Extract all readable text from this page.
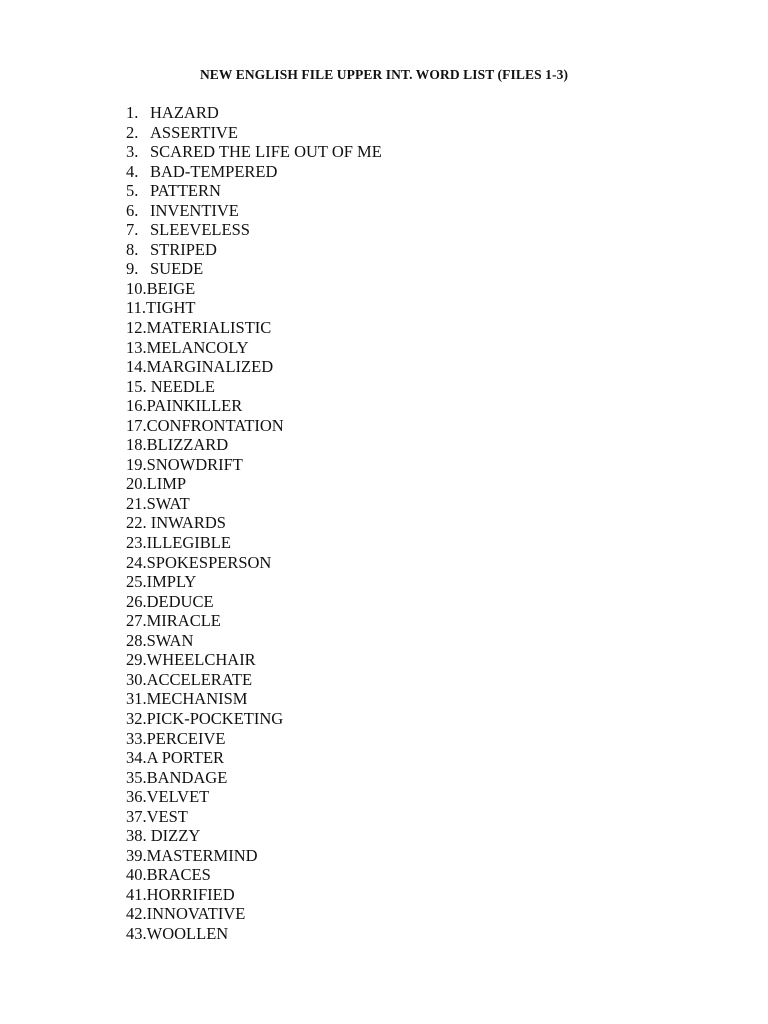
NEW ENGLISH FILE UPPER INT. WORD LIST (FILES 1-3)
1. HAZARD
2. ASSERTIVE
3. SCARED THE LIFE OUT OF ME
4. BAD-TEMPERED
5. PATTERN
6. INVENTIVE
7. SLEEVELESS
8. STRIPED
9. SUEDE
10.BEIGE
11.TIGHT
12.MATERIALISTIC
13.MELANCOLY
14.MARGINALIZED
15. NEEDLE
16.PAINKILLER
17.CONFRONTATION
18.BLIZZARD
19.SNOWDRIFT
20.LIMP
21.SWAT
22. INWARDS
23.ILLEGIBLE
24.SPOKESPERSON
25.IMPLY
26.DEDUCE
27.MIRACLE
28.SWAN
29.WHEELCHAIR
30.ACCELERATE
31.MECHANISM
32.PICK-POCKETING
33.PERCEIVE
34.A PORTER
35.BANDAGE
36.VELVET
37.VEST
38. DIZZY
39.MASTERMIND
40.BRACES
41.HORRIFIED
42.INNOVATIVE
43.WOOLLEN
